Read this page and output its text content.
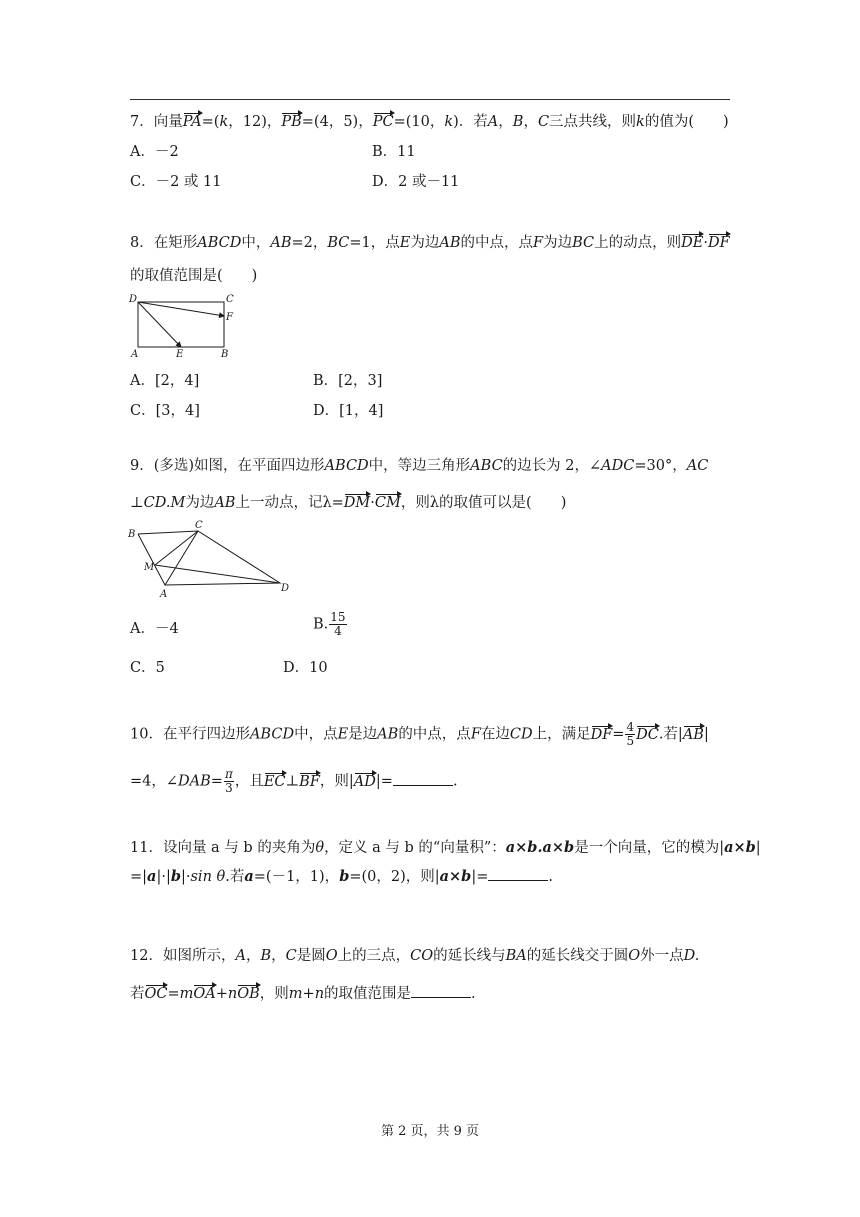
7．向量PA=(k，12)，PB=(4，5)，PC=(10，k)．若A，B，C三点共线，则k的值为(　　)
A．－2	B．11
C．－2 或 11	D．2 或－11
8．在矩形ABCD中，AB=2，BC=1，点E为边AB的中点，点F为边BC上的动点，则DE·DF
的取值范围是(　　)
D	C
F
A	E	B
A．[2，4]	B．[2，3]
C．[3，4]	D．[1，4]
9．(多选)如图，在平面四边形ABCD中，等边三角形ABC的边长为 2，∠ADC=30°，AC
⊥CD.M为边AB上一动点，记λ=DM·CM，则λ的取值可以是(　　)
B
C
M
A
D
A．－4	B. $\frac{15}{4}$
C．5	D．10
10．在平行四边形ABCD中，点E是边AB的中点，点F在边CD上，满足$DF= \frac{4}{5}$ DC.若|AB|
=4，∠DAB= $\frac{\pi}{3}$ ，且EC⊥BF，则|AD|=	.
11．设向量 a 与 b 的夹角为θ，定义 a 与 b 的“向量积”：a×b.a×b是一个向量，它的模为|a×b|
=|a|·|b|·sin θ.若a=(－1，1)，b=(0，2)，则|a×b|=	.
12．如图所示，A，B，C是圆O上的三点，CO的延长线与BA的延长线交于圆O外一点D.
若OC=mOA+nOB，则m+n的取值范围是	.
第 2 页，共 9 页
